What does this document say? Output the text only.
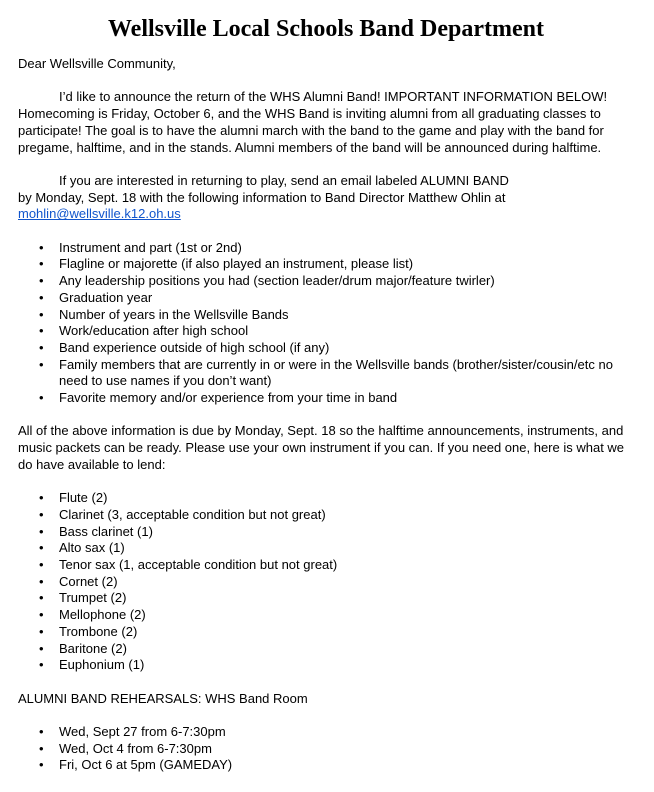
Wellsville Local Schools Band Department

Dear Wellsville Community,

I’d like to announce the return of the WHS Alumni Band! IMPORTANT INFORMATION BELOW! Homecoming is Friday, October 6, and the WHS Band is inviting alumni from all graduating classes to participate! The goal is to have the alumni march with the band to the game and play with the band for pregame, halftime, and in the stands. Alumni members of the band will be announced during halftime.

If you are interested in returning to play, send an email labeled ALUMNI BAND

by Monday, Sept. 18 with the following information to Band Director Matthew Ohlin at

mohlin@wellsville.k12.oh.us

• Instrument and part (1st or 2nd)
• Flagline or majorette (if also played an instrument, please list)
• Any leadership positions you had (section leader/drum major/feature twirler)
• Graduation year
• Number of years in the Wellsville Bands
• Work/education after high school
• Band experience outside of high school (if any)
• Family members that are currently in or were in the Wellsville bands (brother/sister/cousin/etc no need to use names if you don’t want)
• Favorite memory and/or experience from your time in band

All of the above information is due by Monday, Sept. 18 so the halftime announcements, instruments, and music packets can be ready. Please use your own instrument if you can. If you need one, here is what we do have available to lend:

• Flute (2)
• Clarinet (3, acceptable condition but not great)
• Bass clarinet (1)
• Alto sax (1)
• Tenor sax (1, acceptable condition but not great)
• Cornet (2)
• Trumpet (2)
• Mellophone (2)
• Trombone (2)
• Baritone (2)
• Euphonium (1)

ALUMNI BAND REHEARSALS: WHS Band Room

• Wed, Sept 27 from 6-7:30pm
• Wed, Oct 4 from 6-7:30pm
• Fri, Oct 6 at 5pm (GAMEDAY)
